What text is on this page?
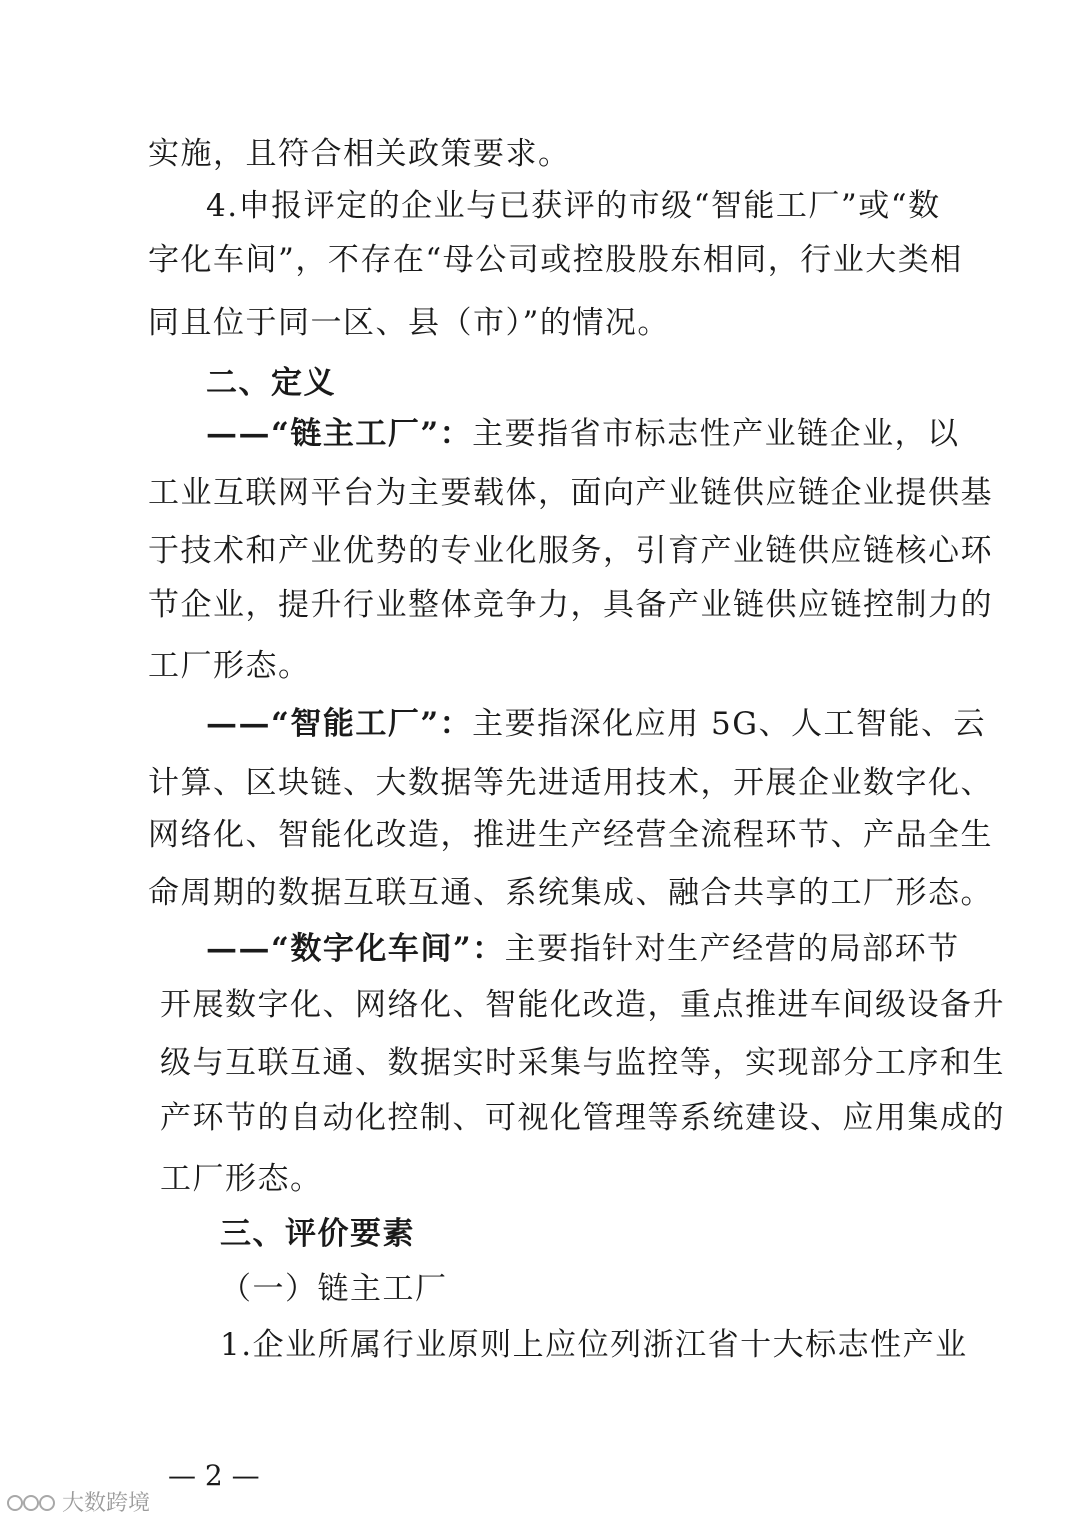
实施，且符合相关政策要求。
4.申报评定的企业与已获评的市级“智能工厂”或“数
字化车间”，不存在“母公司或控股股东相同，行业大类相
同且位于同一区、县（市）”的情况。
二、定义
——“链主工厂”：主要指省市标志性产业链企业，以
工业互联网平台为主要载体，面向产业链供应链企业提供基
于技术和产业优势的专业化服务，引育产业链供应链核心环
节企业，提升行业整体竞争力，具备产业链供应链控制力的
工厂形态。
——“智能工厂”：主要指深化应用 5G、人工智能、云
计算、区块链、大数据等先进适用技术，开展企业数字化、
网络化、智能化改造，推进生产经营全流程环节、产品全生
命周期的数据互联互通、系统集成、融合共享的工厂形态。
——“数字化车间”：主要指针对生产经营的局部环节
开展数字化、网络化、智能化改造，重点推进车间级设备升
级与互联互通、数据实时采集与监控等，实现部分工序和生
产环节的自动化控制、可视化管理等系统建设、应用集成的
工厂形态。
三、评价要素
（一）链主工厂
1.企业所属行业原则上应位列浙江省十大标志性产业
— 2 —
大数跨境
